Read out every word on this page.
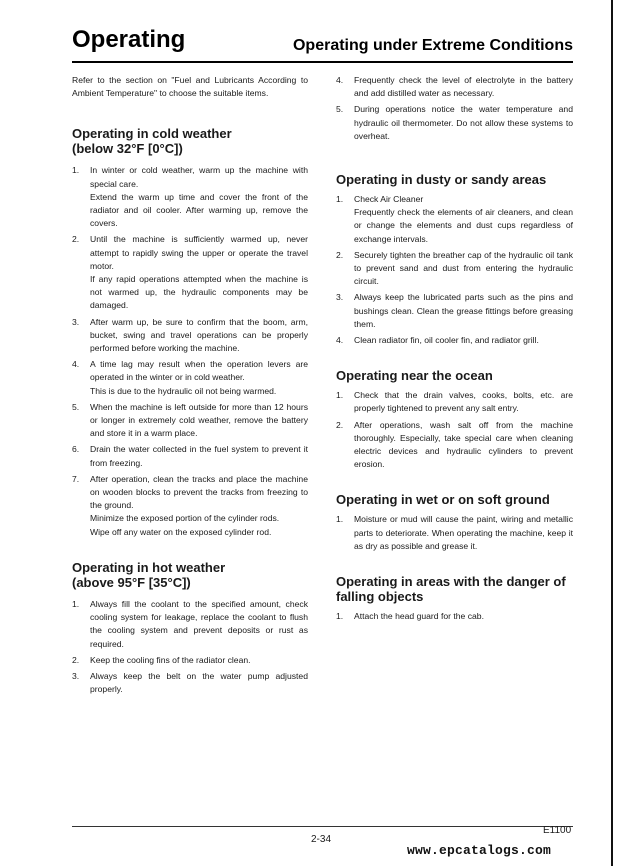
Operating	Operating under Extreme Conditions

Refer to the section on "Fuel and Lubricants According to Ambient Temperature" to choose the suitable items.

Operating in cold weather
(below 32°F [0°C])
1. In winter or cold weather, warm up the machine with special care.

Extend the warm up time and cover the front of the radiator and oil cooler. After warming up, remove the covers.

2. Until the machine is sufficiently warmed up, never attempt to rapidly swing the upper or operate the travel motor.

If any rapid operations attempted when the machine is not warmed up, the hydraulic components may be damaged.

3. After warm up, be sure to confirm that the boom, arm, bucket, swing and travel operations can be properly performed before working the machine.

4. A time lag may result when the operation levers are operated in the winter or in cold weather.

This is due to the hydraulic oil not being warmed.

5. When the machine is left outside for more than 12 hours or longer in extremely cold weather, remove the battery and store it in a warm place.

6. Drain the water collected in the fuel system to prevent it from freezing.

7. After operation, clean the tracks and place the machine on wooden blocks to prevent the tracks from freezing to the ground.

Minimize the exposed portion of the cylinder rods.

Wipe off any water on the exposed cylinder rod.

Operating in hot weather
(above 95°F [35°C])
1. Always fill the coolant to the specified amount, check cooling system for leakage, replace the coolant to flush the cooling system and prevent deposits or rust as required.

2. Keep the cooling fins of the radiator clean.

3. Always keep the belt on the water pump adjusted properly.

4. Frequently check the level of electrolyte in the battery and add distilled water as necessary.

5. During operations notice the water temperature and hydraulic oil thermometer. Do not allow these systems to overheat.

Operating in dusty or sandy areas
1. Check Air Cleaner

Frequently check the elements of air cleaners, and clean or change the elements and dust cups regardless of exchange intervals.

2. Securely tighten the breather cap of the hydraulic oil tank to prevent sand and dust from entering the hydraulic circuit.

3. Always keep the lubricated parts such as the pins and bushings clean. Clean the grease fittings before greasing them.

4. Clean radiator fin, oil cooler fin, and radiator grill.

Operating near the ocean
1. Check that the drain valves, cooks, bolts, etc. are properly tightened to prevent any salt entry.

2. After operations, wash salt off from the machine thoroughly. Especially, take special care when cleaning electric devices and hydraulic cylinders to prevent erosion.

Operating in wet or on soft ground
1. Moisture or mud will cause the paint, wiring and metallic parts to deteriorate. When operating the machine, keep it as dry as possible and grease it.

Operating in areas with the danger of falling objects
1. Attach the head guard for the cab.

E1100
2-34
www.epcatalogs.com
